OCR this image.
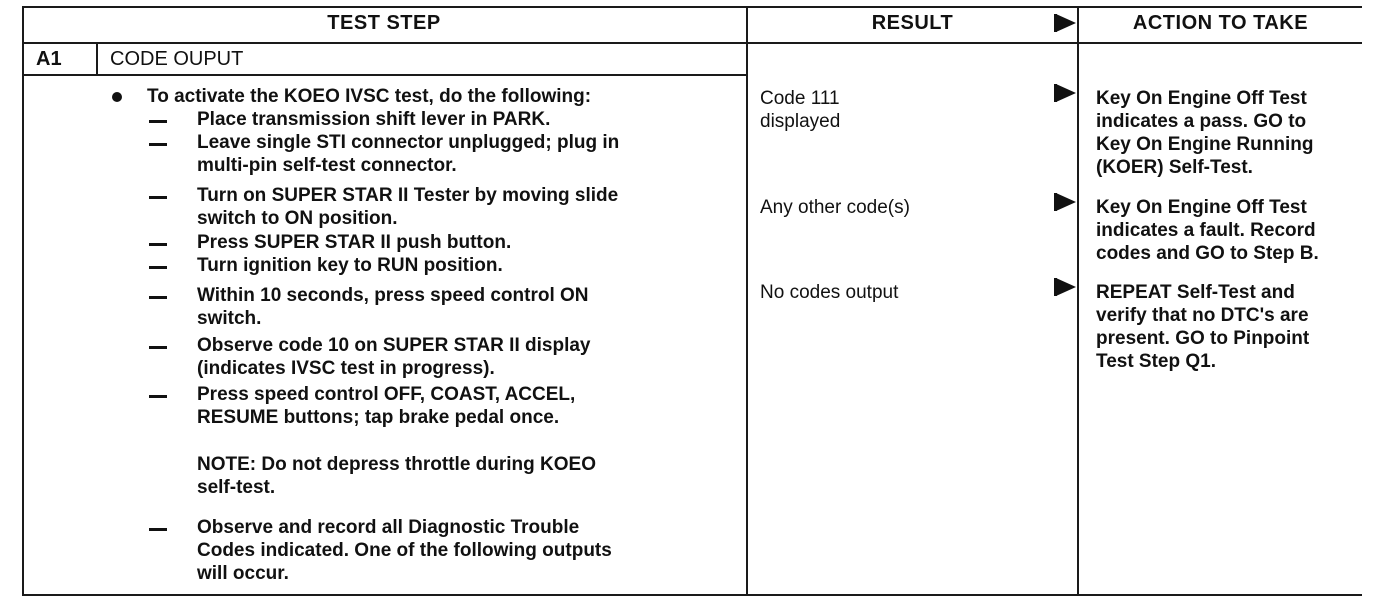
TEST STEP	RESULT	ACTION TO TAKE
A1 CODE OUPUT
To activate the KOEO IVSC test, do the following:
Place transmission shift lever in PARK.
Leave single STI connector unplugged; plug in
multi-pin self-test connector.
Turn on SUPER STAR II Tester by moving slide
switch to ON position.
Press SUPER STAR II push button.
Turn ignition key to RUN position.
Within 10 seconds, press speed control ON
switch.
Observe code 10 on SUPER STAR II display
(indicates IVSC test in progress).
Press speed control OFF, COAST, ACCEL,
RESUME buttons; tap brake pedal once.
NOTE: Do not depress throttle during KOEO
self-test.
Observe and record all Diagnostic Trouble
Codes indicated. One of the following outputs
will occur.
Code 111
displayed
Any other code(s)
No codes output
Key On Engine Off Test
indicates a pass. GO to
Key On Engine Running
(KOER) Self-Test.
Key On Engine Off Test
indicates a fault. Record
codes and GO to Step B.
REPEAT Self-Test and
verify that no DTC's are
present. GO to Pinpoint
Test Step Q1.
